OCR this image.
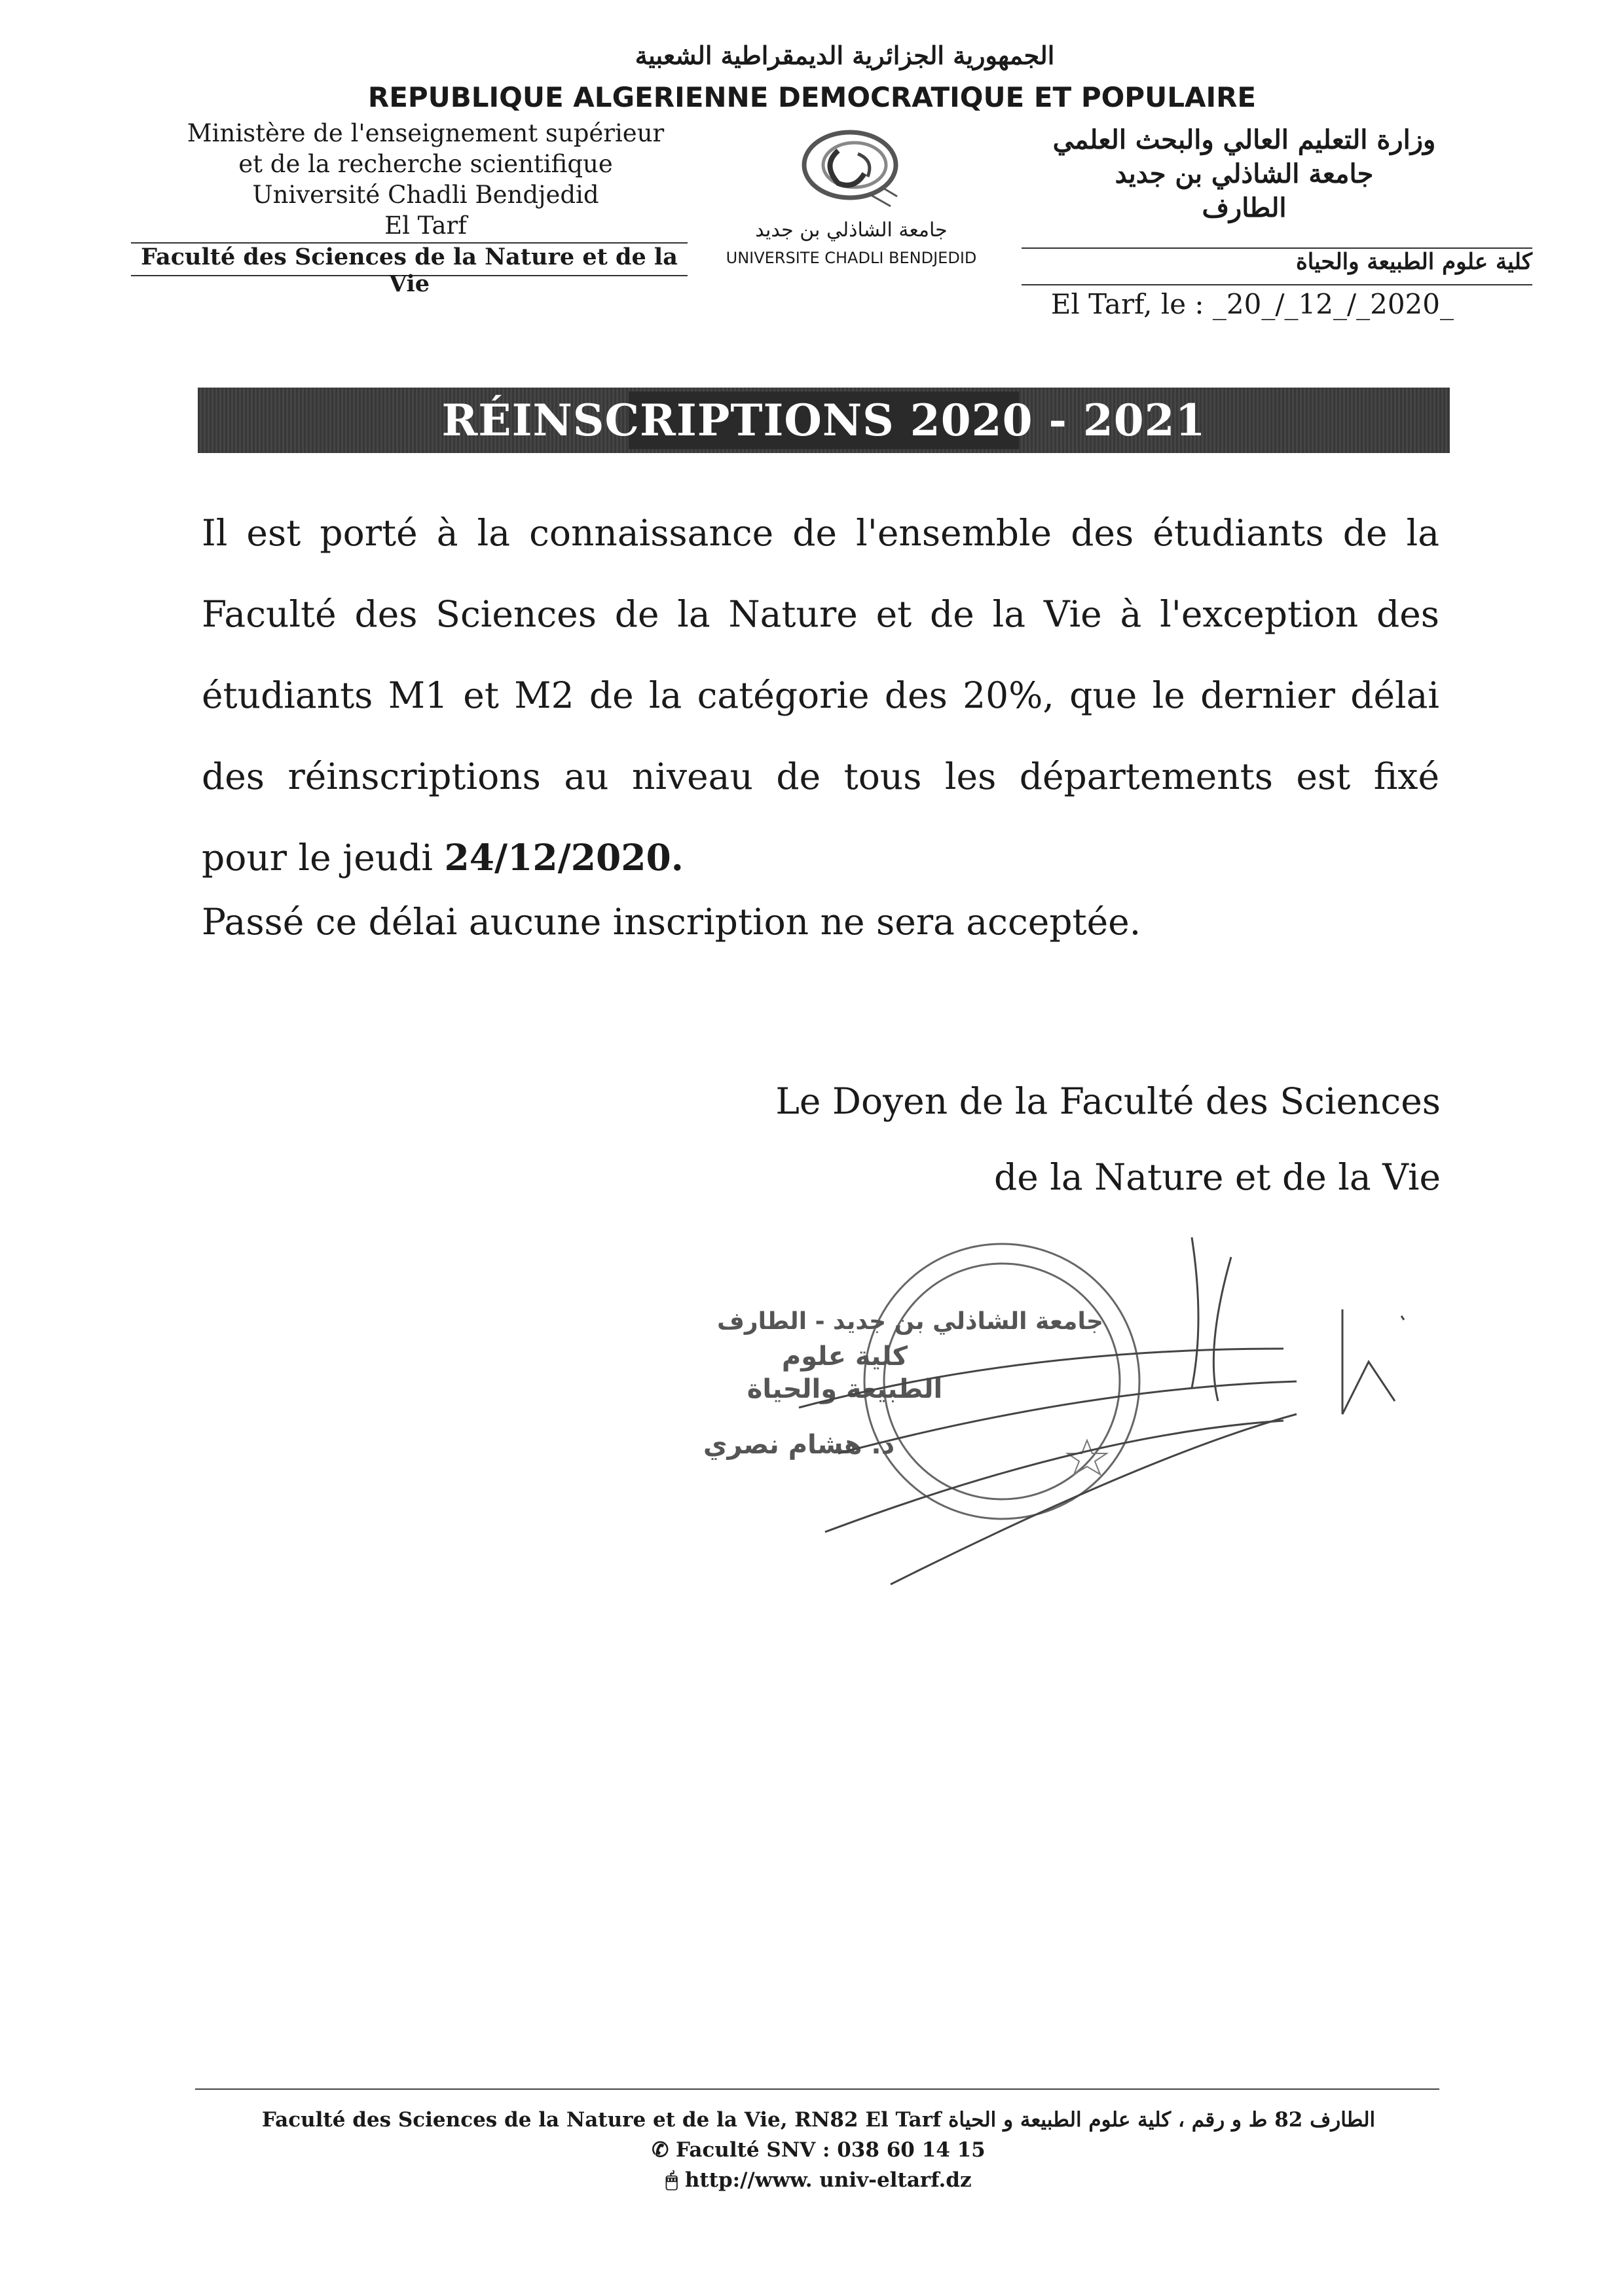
الجمهورية الجزائرية الديمقراطية الشعبية
REPUBLIQUE ALGERIENNE DEMOCRATIQUE ET POPULAIRE
Ministère de l'enseignement supérieur
et de la recherche scientifique
Université Chadli Bendjedid
El Tarf
وزارة التعليم العالي والبحث العلمي
جامعة الشاذلي بن جديد
الطارف
جامعة الشاذلي بن جديد
UNIVERSITE CHADLI BENDJEDID
Faculté des Sciences de la Nature et de la Vie
كلية علوم الطبيعة والحياة
El Tarf, le : _20_/_12_/_2020_
RÉINSCRIPTIONS 2020 - 2021
Il est porté à la connaissance de l'ensemble des étudiants de la
Faculté des Sciences de la Nature et de la Vie à l'exception des
étudiants M1 et M2 de la catégorie des 20%, que le dernier délai
des réinscriptions au niveau de tous les départements est fixé
pour le jeudi 24/12/2020.
Passé ce délai aucune inscription ne sera acceptée.
Le Doyen de la Faculté des Sciences
de la Nature et de la Vie
جامعة الشاذلي بن جديد - الطارف
كلية علوم
الطبيعة والحياة
د. هشام نصري
Faculté des Sciences de la Nature et de la Vie, RN82 El Tarf الطارف 82 ط و رقم ، كلية علوم الطبيعة و الحياة
✆ Faculté SNV : 038 60 14 15
🖱 http://www. univ-eltarf.dz
